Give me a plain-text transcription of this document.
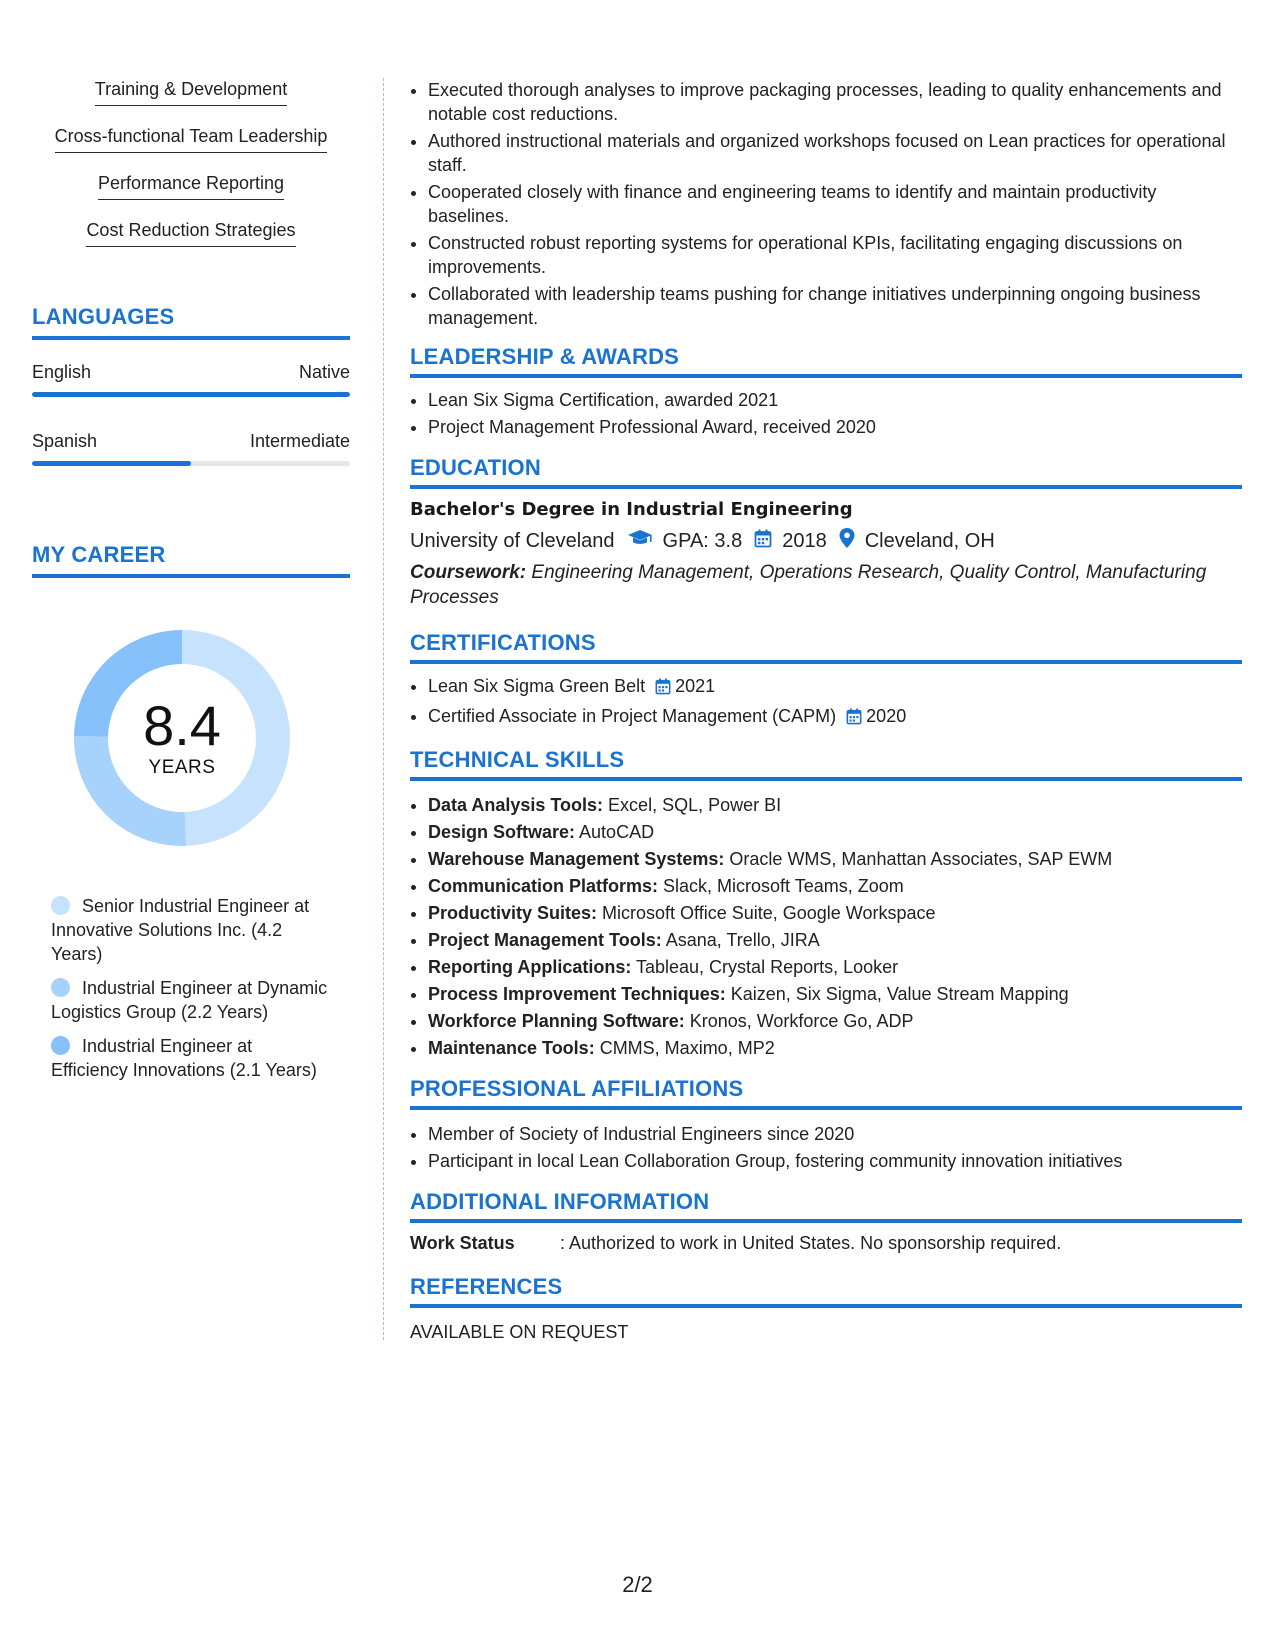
Training & Development
Cross-functional Team Leadership
Performance Reporting
Cost Reduction Strategies
LANGUAGES
English	Native
Spanish	Intermediate
MY CAREER
8.4
YEARS
Senior Industrial Engineer at Innovative Solutions Inc. (4.2 Years)
Industrial Engineer at Dynamic Logistics Group (2.2 Years)
Industrial Engineer at Efficiency Innovations (2.1 Years)
• Executed thorough analyses to improve packaging processes, leading to quality enhancements and notable cost reductions.
• Authored instructional materials and organized workshops focused on Lean practices for operational staff.
• Cooperated closely with finance and engineering teams to identify and maintain productivity baselines.
• Constructed robust reporting systems for operational KPIs, facilitating engaging discussions on improvements.
• Collaborated with leadership teams pushing for change initiatives underpinning ongoing business management.
LEADERSHIP & AWARDS
• Lean Six Sigma Certification, awarded 2021
• Project Management Professional Award, received 2020
EDUCATION
Bachelor's Degree in Industrial Engineering
University of Cleveland GPA: 3.8 2018 Cleveland, OH
Coursework: Engineering Management, Operations Research, Quality Control, Manufacturing Processes
CERTIFICATIONS
• Lean Six Sigma Green Belt 2021
• Certified Associate in Project Management (CAPM) 2020
TECHNICAL SKILLS
• Data Analysis Tools: Excel, SQL, Power BI
• Design Software: AutoCAD
• Warehouse Management Systems: Oracle WMS, Manhattan Associates, SAP EWM
• Communication Platforms: Slack, Microsoft Teams, Zoom
• Productivity Suites: Microsoft Office Suite, Google Workspace
• Project Management Tools: Asana, Trello, JIRA
• Reporting Applications: Tableau, Crystal Reports, Looker
• Process Improvement Techniques: Kaizen, Six Sigma, Value Stream Mapping
• Workforce Planning Software: Kronos, Workforce Go, ADP
• Maintenance Tools: CMMS, Maximo, MP2
PROFESSIONAL AFFILIATIONS
• Member of Society of Industrial Engineers since 2020
• Participant in local Lean Collaboration Group, fostering community innovation initiatives
ADDITIONAL INFORMATION
Work Status	: Authorized to work in United States. No sponsorship required.
REFERENCES
AVAILABLE ON REQUEST
2/2
